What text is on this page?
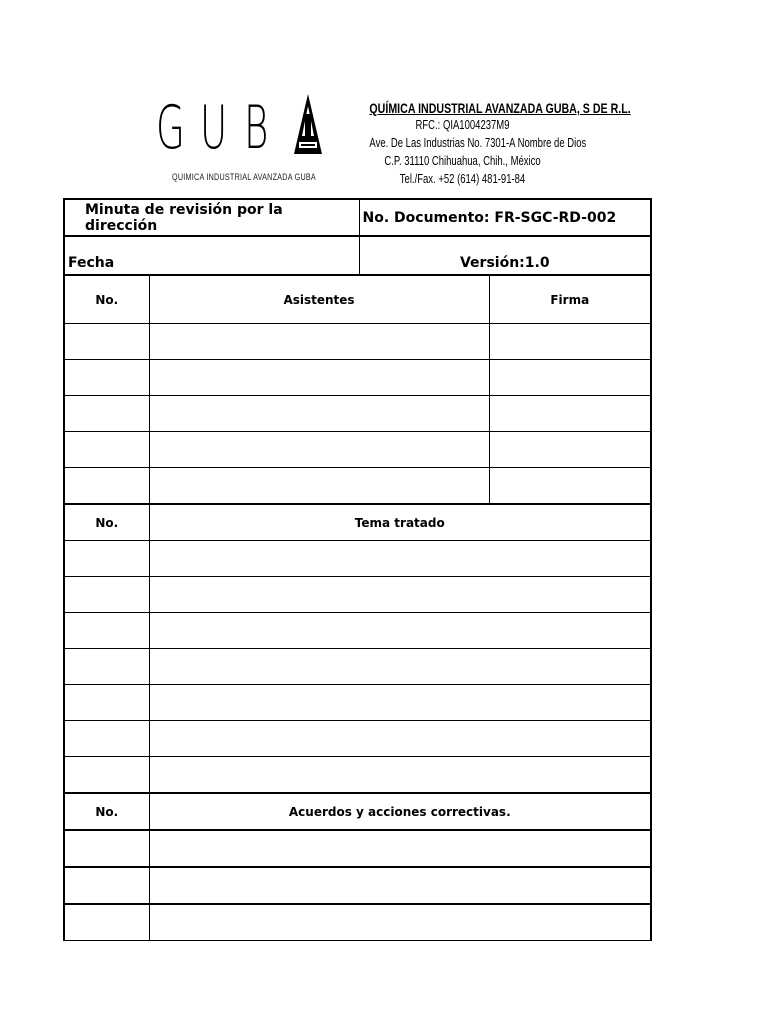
G U B
QUIMICA INDUSTRIAL AVANZADA GUBA
QUÍMICA INDUSTRIAL AVANZADA GUBA, S DE R.L.
RFC.: QIA1004237M9
Ave. De Las Industrias No. 7301-A Nombre de Dios
C.P. 31110 Chihuahua, Chih., México
Tel./Fax. +52 (614) 481-91-84
Minuta de revisión por la dirección		No. Documento: FR-SGC-RD-002	
Fecha		Versión:1.0	
No.	Asistentes		Firma

No.	Tema tratado		

No.	Acuerdos y acciones correctivas.		
